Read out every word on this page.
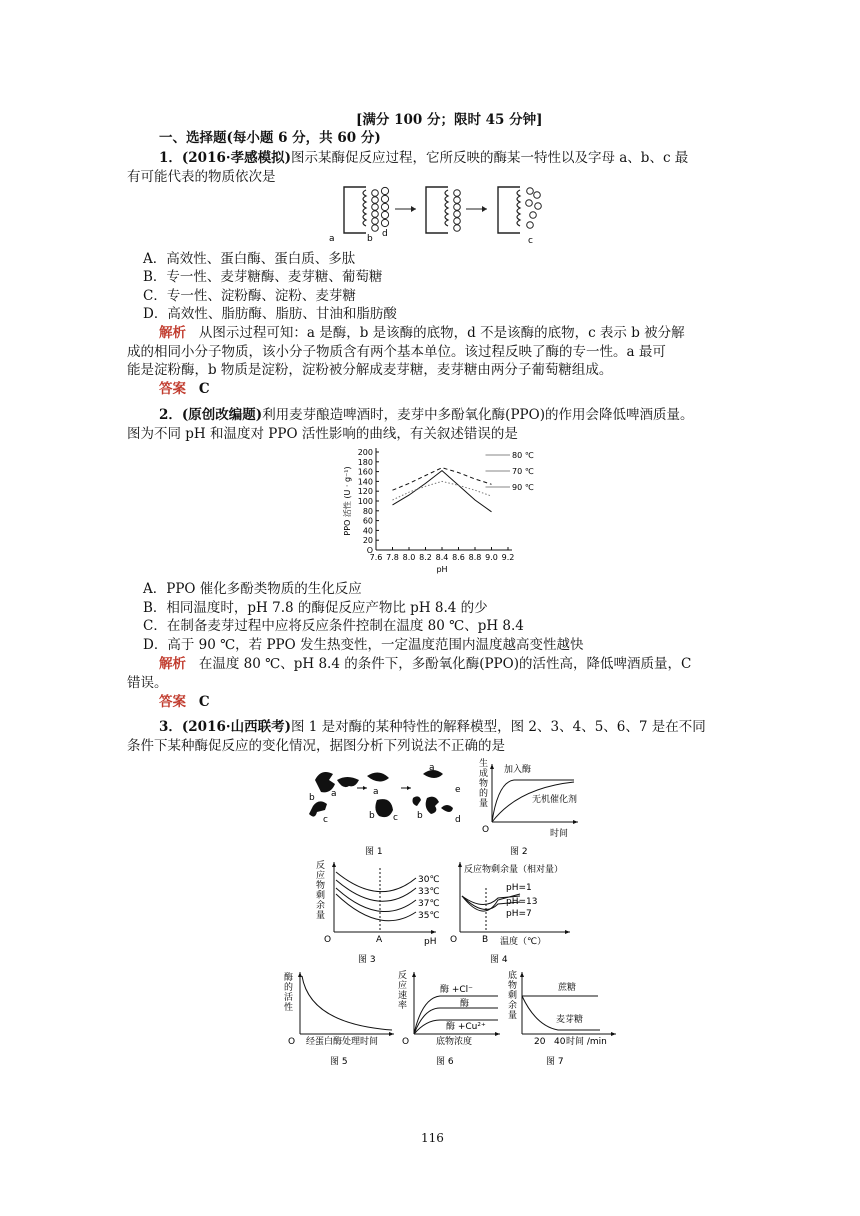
[满分 100 分；限时 45 分钟]
一、选择题(每小题 6 分，共 60 分)
1．(2016·孝感模拟)图示某酶促反应过程，它所反映的酶某一特性以及字母 a、b、c 最
有可能代表的物质依次是
a	b d
c
A．高效性、蛋白酶、蛋白质、多肽
B．专一性、麦芽糖酶、麦芽糖、葡萄糖
C．专一性、淀粉酶、淀粉、麦芽糖
D．高效性、脂肪酶、脂肪、甘油和脂肪酸
解析 从图示过程可知：a 是酶，b 是该酶的底物，d 不是该酶的底物，c 表示 b 被分解
成的相同小分子物质，该小分子物质含有两个基本单位。该过程反映了酶的专一性。a 最可
能是淀粉酶，b 物质是淀粉，淀粉被分解成麦芽糖，麦芽糖由两分子葡萄糖组成。
答案 C
2．(原创改编题)利用麦芽酿造啤酒时，麦芽中多酚氧化酶(PPO)的作用会降低啤酒质量。
图为不同 pH 和温度对 PPO 活性影响的曲线，有关叙述错误的是
O
20
40
60
80
100
120
140
160
180
200
7.6 7.8 8.0 8.2 8.4 8.6 8.8 9.0 9.2
pH
PPO 活性 (U · g⁻¹)
80 ℃
70 ℃
90 ℃
A．PPO 催化多酚类物质的生化反应
B．相同温度时，pH 7.8 的酶促反应产物比 pH 8.4 的少
C．在制备麦芽过程中应将反应条件控制在温度 80 ℃、pH 8.4
D．高于 90 ℃，若 PPO 发生热变性，一定温度范围内温度越高变性越快
解析 在温度 80 ℃、pH 8.4 的条件下，多酚氧化酶(PPO)的活性高，降低啤酒质量，C
错误。
答案 C
3．(2016·山西联考)图 1 是对酶的某种特性的解释模型，图 2、3、4、5、6、7 是在不同
条件下某种酶促反应的变化情况，据图分析下列说法不正确的是
b a
c
a
b c
a
b	d
e
图 1
生
成
物
的
量
O	时间
加入酶
无机催化剂
图 2
反
应
物
剩
余
量
30℃
33℃
37℃
35℃
O	A	pH
图 3
反应物剩余量（相对量）
pH=1
pH=13
pH=7
O	B 温度（℃）
图 4
酶
的
活
性
O 经蛋白酶处理时间
图 5
反
应
速
率
酶 +Cl⁻
酶
酶 +Cu²⁺
O	底物浓度
图 6
底
物
剩
余
量
蔗糖
麦芽糖
20 40 时间 /min
图 7
116
